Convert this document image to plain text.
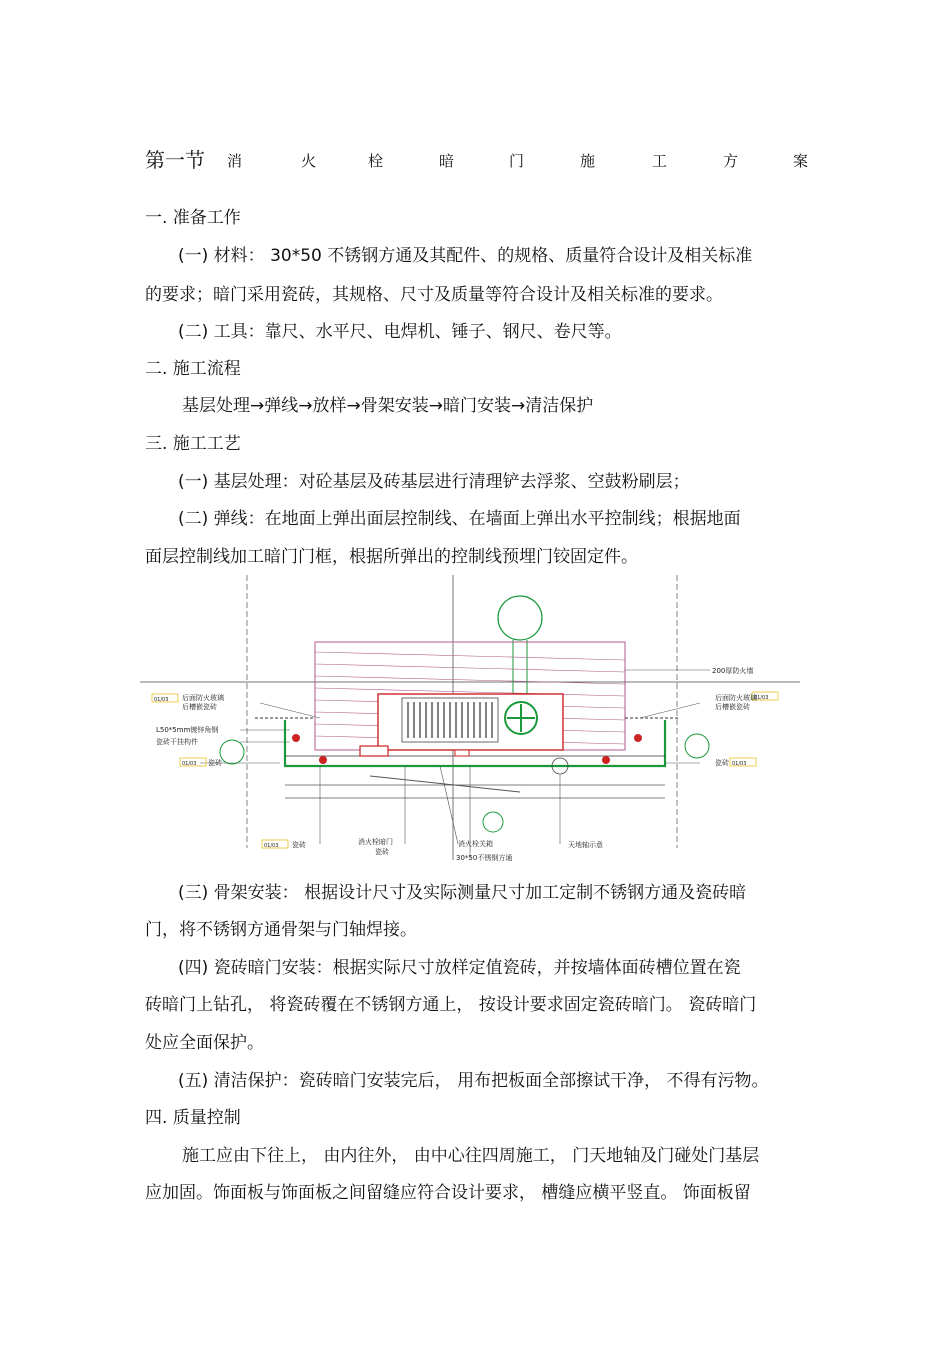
第一节 消	火	栓	暗	门	施	工	方	案
一. 准备工作
(一) 材料： 30*50 不锈钢方通及其配件、的规格、质量符合设计及相关标准
的要求；暗门采用瓷砖，其规格、尺寸及质量等符合设计及相关标准的要求。
(二) 工具：靠尺、水平尺、电焊机、锤子、钢尺、卷尺等。
二. 施工流程
基层处理→弹线→放样→骨架安装→暗门安装→清洁保护
三. 施工工艺
(一) 基层处理：对砼基层及砖基层进行清理铲去浮浆、空鼓粉刷层；
(二) 弹线：在地面上弹出面层控制线、在墙面上弹出水平控制线；根据地面
面层控制线加工暗门门框，根据所弹出的控制线预埋门铰固定件。
200厚防火墙
01/03 后面防火玻璃
后槽嵌瓷砖
L50*5mm镀锌角钢
瓷砖干挂构件
01/03 瓷砖
01/03
后面防火玻璃
后槽嵌瓷砖
01/03
瓷砖
01/03 瓷砖	消火栓暗门
瓷砖
消火栓关箱
30*50不锈钢方通
天地轴示意
(三) 骨架安装： 根据设计尺寸及实际测量尺寸加工定制不锈钢方通及瓷砖暗
门，将不锈钢方通骨架与门轴焊接。
(四) 瓷砖暗门安装：根据实际尺寸放样定值瓷砖，并按墙体面砖槽位置在瓷
砖暗门上钻孔， 将瓷砖覆在不锈钢方通上， 按设计要求固定瓷砖暗门。 瓷砖暗门
处应全面保护。
(五) 清洁保护：瓷砖暗门安装完后， 用布把板面全部擦试干净， 不得有污物。
四. 质量控制
施工应由下往上， 由内往外， 由中心往四周施工， 门天地轴及门碰处门基层
应加固。饰面板与饰面板之间留缝应符合设计要求， 槽缝应横平竖直。 饰面板留
